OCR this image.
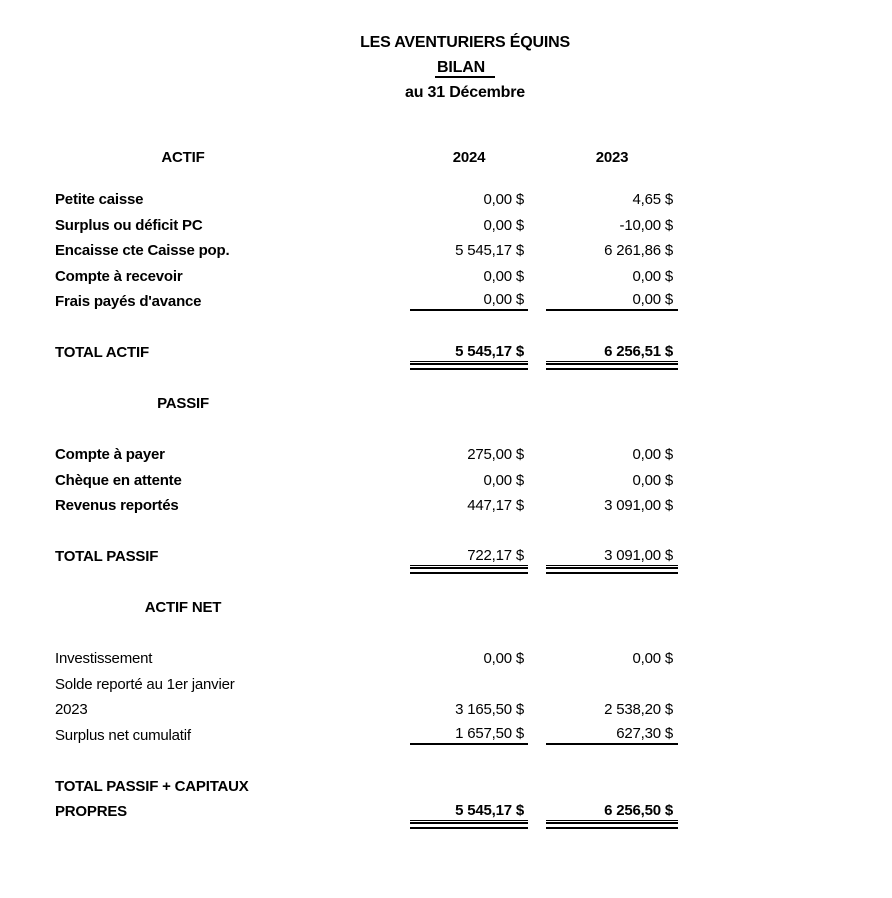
LES AVENTURIERS ÉQUINS
BILAN
au 31 Décembre
ACTIF	2024	2023
Petite caisse	0,00 $	4,65 $
Surplus ou déficit PC	0,00 $	-10,00 $
Encaisse cte Caisse pop.	5 545,17 $	6 261,86 $
Compte à recevoir	0,00 $	0,00 $
Frais payés d'avance	0,00 $	0,00 $
TOTAL ACTIF	5 545,17 $	6 256,51 $
PASSIF
Compte à payer	275,00 $	0,00 $
Chèque en attente	0,00 $	0,00 $
Revenus reportés	447,17 $	3 091,00 $
TOTAL PASSIF	722,17 $	3 091,00 $
ACTIF NET
Investissement	0,00 $	0,00 $
Solde reporté au 1er janvier
2023	3 165,50 $	2 538,20 $
Surplus net cumulatif	1 657,50 $	627,30 $
TOTAL PASSIF + CAPITAUX
PROPRES	5 545,17 $	6 256,50 $
